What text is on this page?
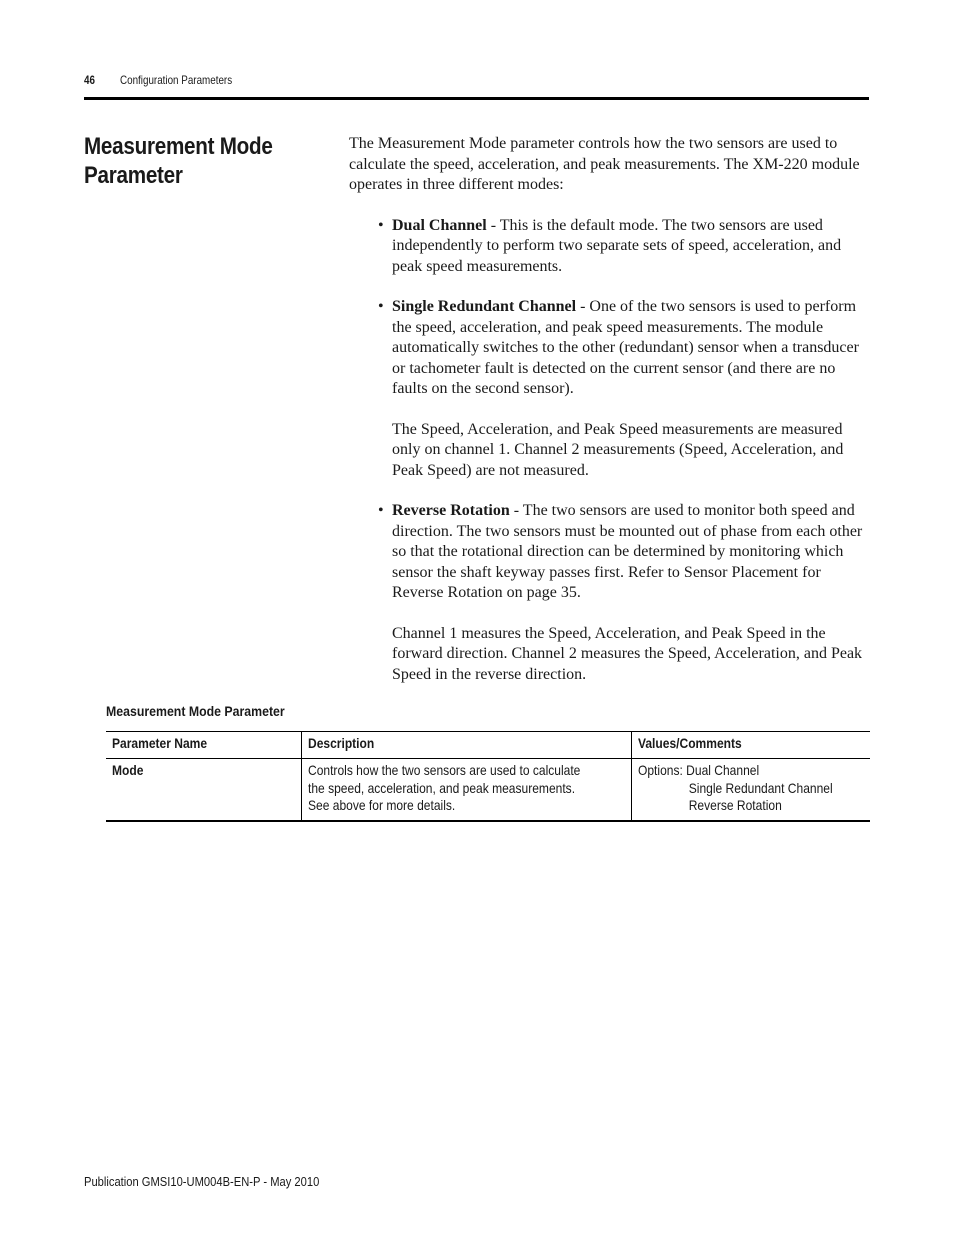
46 Configuration Parameters
Measurement Mode
Parameter

The Measurement Mode parameter controls how the two sensors are used to calculate the speed, acceleration, and peak measurements. The XM-220 module operates in three different modes:

• Dual Channel - This is the default mode. The two sensors are used independently to perform two separate sets of speed, acceleration, and peak speed measurements.
• Single Redundant Channel - One of the two sensors is used to perform the speed, acceleration, and peak speed measurements. The module automatically switches to the other (redundant) sensor when a transducer or tachometer fault is detected on the current sensor (and there are no faults on the second sensor).
The Speed, Acceleration, and Peak Speed measurements are measured only on channel 1. Channel 2 measurements (Speed, Acceleration, and Peak Speed) are not measured.
• Reverse Rotation - The two sensors are used to monitor both speed and direction. The two sensors must be mounted out of phase from each other so that the rotational direction can be determined by monitoring which sensor the shaft keyway passes first. Refer to Sensor Placement for Reverse Rotation on page 35.
Channel 1 measures the Speed, Acceleration, and Peak Speed in the forward direction. Channel 2 measures the Speed, Acceleration, and Peak Speed in the reverse direction.
Measurement Mode Parameter
Parameter Name	Description	Values/Comments
Mode	Controls how the two sensors are used to calculate
the speed, acceleration, and peak measurements.
See above for more details.	Options: Dual Channel
Single Redundant Channel
Reverse Rotation
Publication GMSI10-UM004B-EN-P - May 2010
